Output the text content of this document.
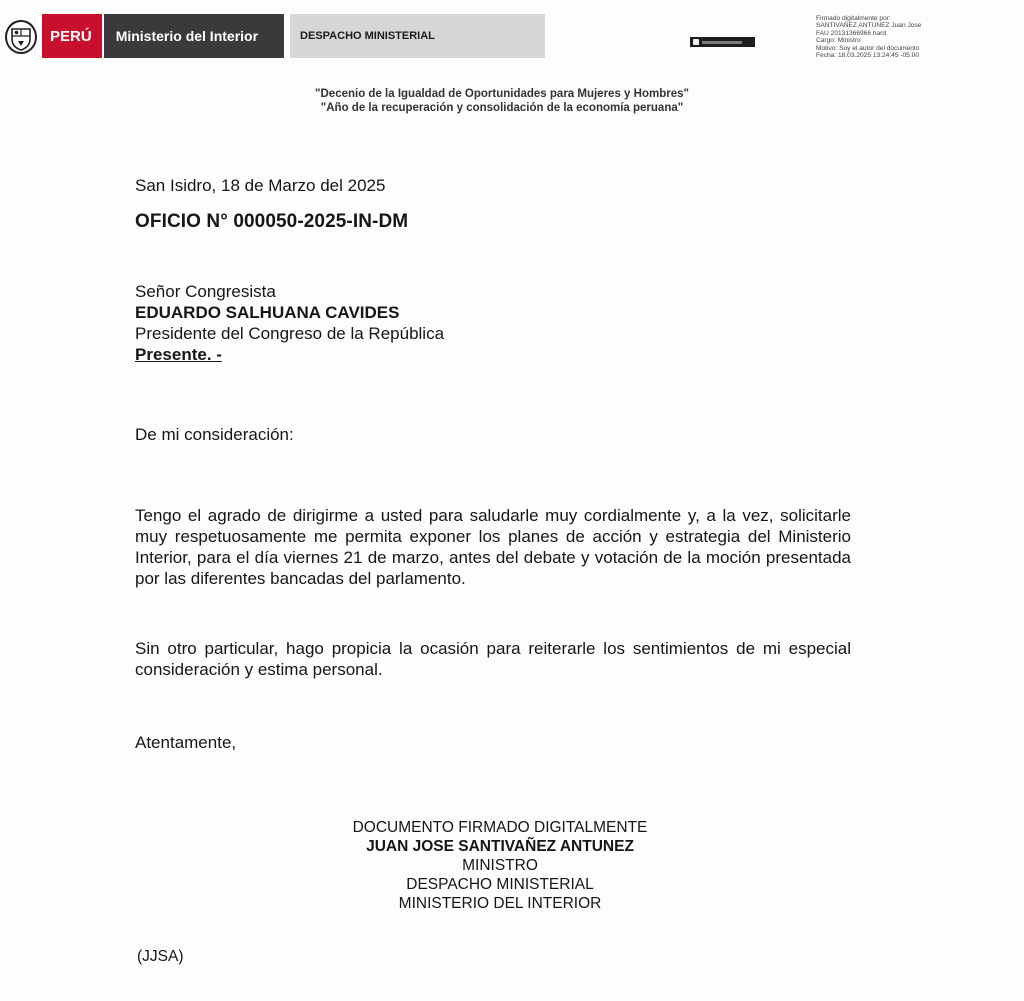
PERÚ	Ministerio del Interior	DESPACHO MINISTERIAL
Firmado digitalmente por:
SANTIVAÑEZ ANTUNEZ Juan Jose
FAU 20131366966 hard
Cargo: Ministro
Motivo: Soy el autor del documento
Fecha: 18.03.2025 13:24:45 -05:00
"Decenio de la Igualdad de Oportunidades para Mujeres y Hombres"
"Año de la recuperación y consolidación de la economía peruana"
San Isidro, 18 de Marzo del 2025
OFICIO N° 000050-2025-IN-DM
Señor Congresista
EDUARDO SALHUANA CAVIDES
Presidente del Congreso de la República
Presente. -
De mi consideración:
Tengo el agrado de dirigirme a usted para saludarle muy cordialmente y, a la vez, solicitarle muy respetuosamente me permita exponer los planes de acción y estrategia del Ministerio Interior, para el día viernes 21 de marzo, antes del debate y votación de la moción presentada por las diferentes bancadas del parlamento.
Sin otro particular, hago propicia la ocasión para reiterarle los sentimientos de mi especial consideración y estima personal.
Atentamente,
DOCUMENTO FIRMADO DIGITALMENTE
JUAN JOSE SANTIVAÑEZ ANTUNEZ
MINISTRO
DESPACHO MINISTERIAL
MINISTERIO DEL INTERIOR
(JJSA)
